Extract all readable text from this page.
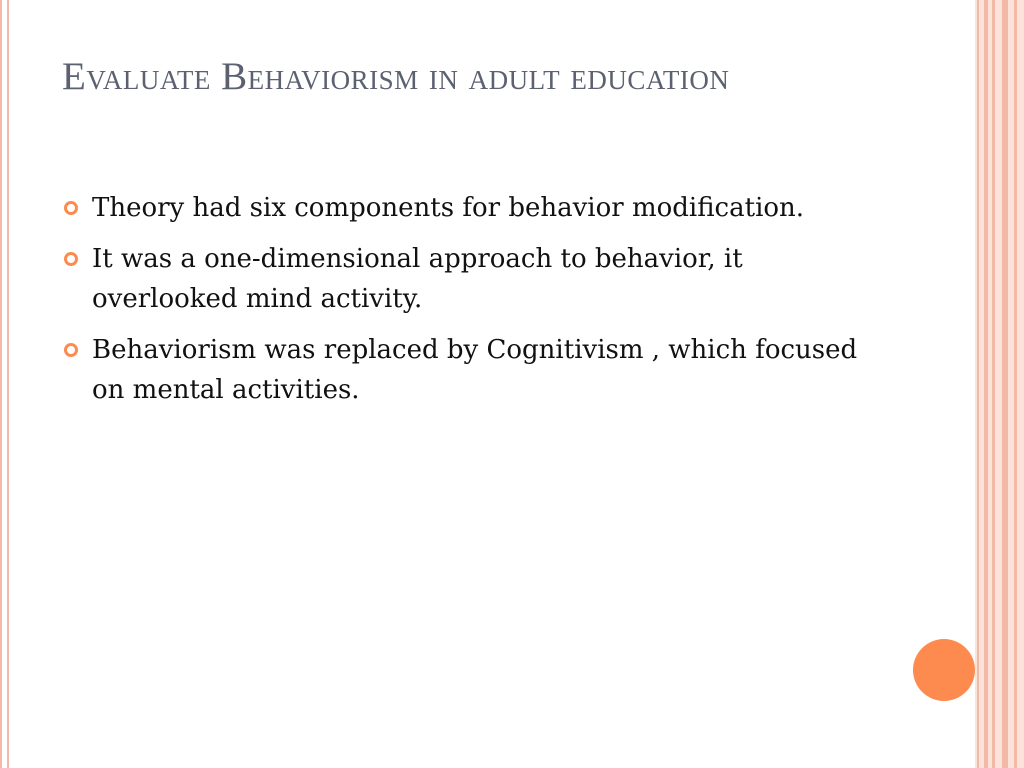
Evaluate Behaviorism in adult education
Theory had six components for behavior modification.
It was a one-dimensional approach to behavior, it overlooked mind activity.
Behaviorism was replaced by Cognitivism , which focused on mental activities.
